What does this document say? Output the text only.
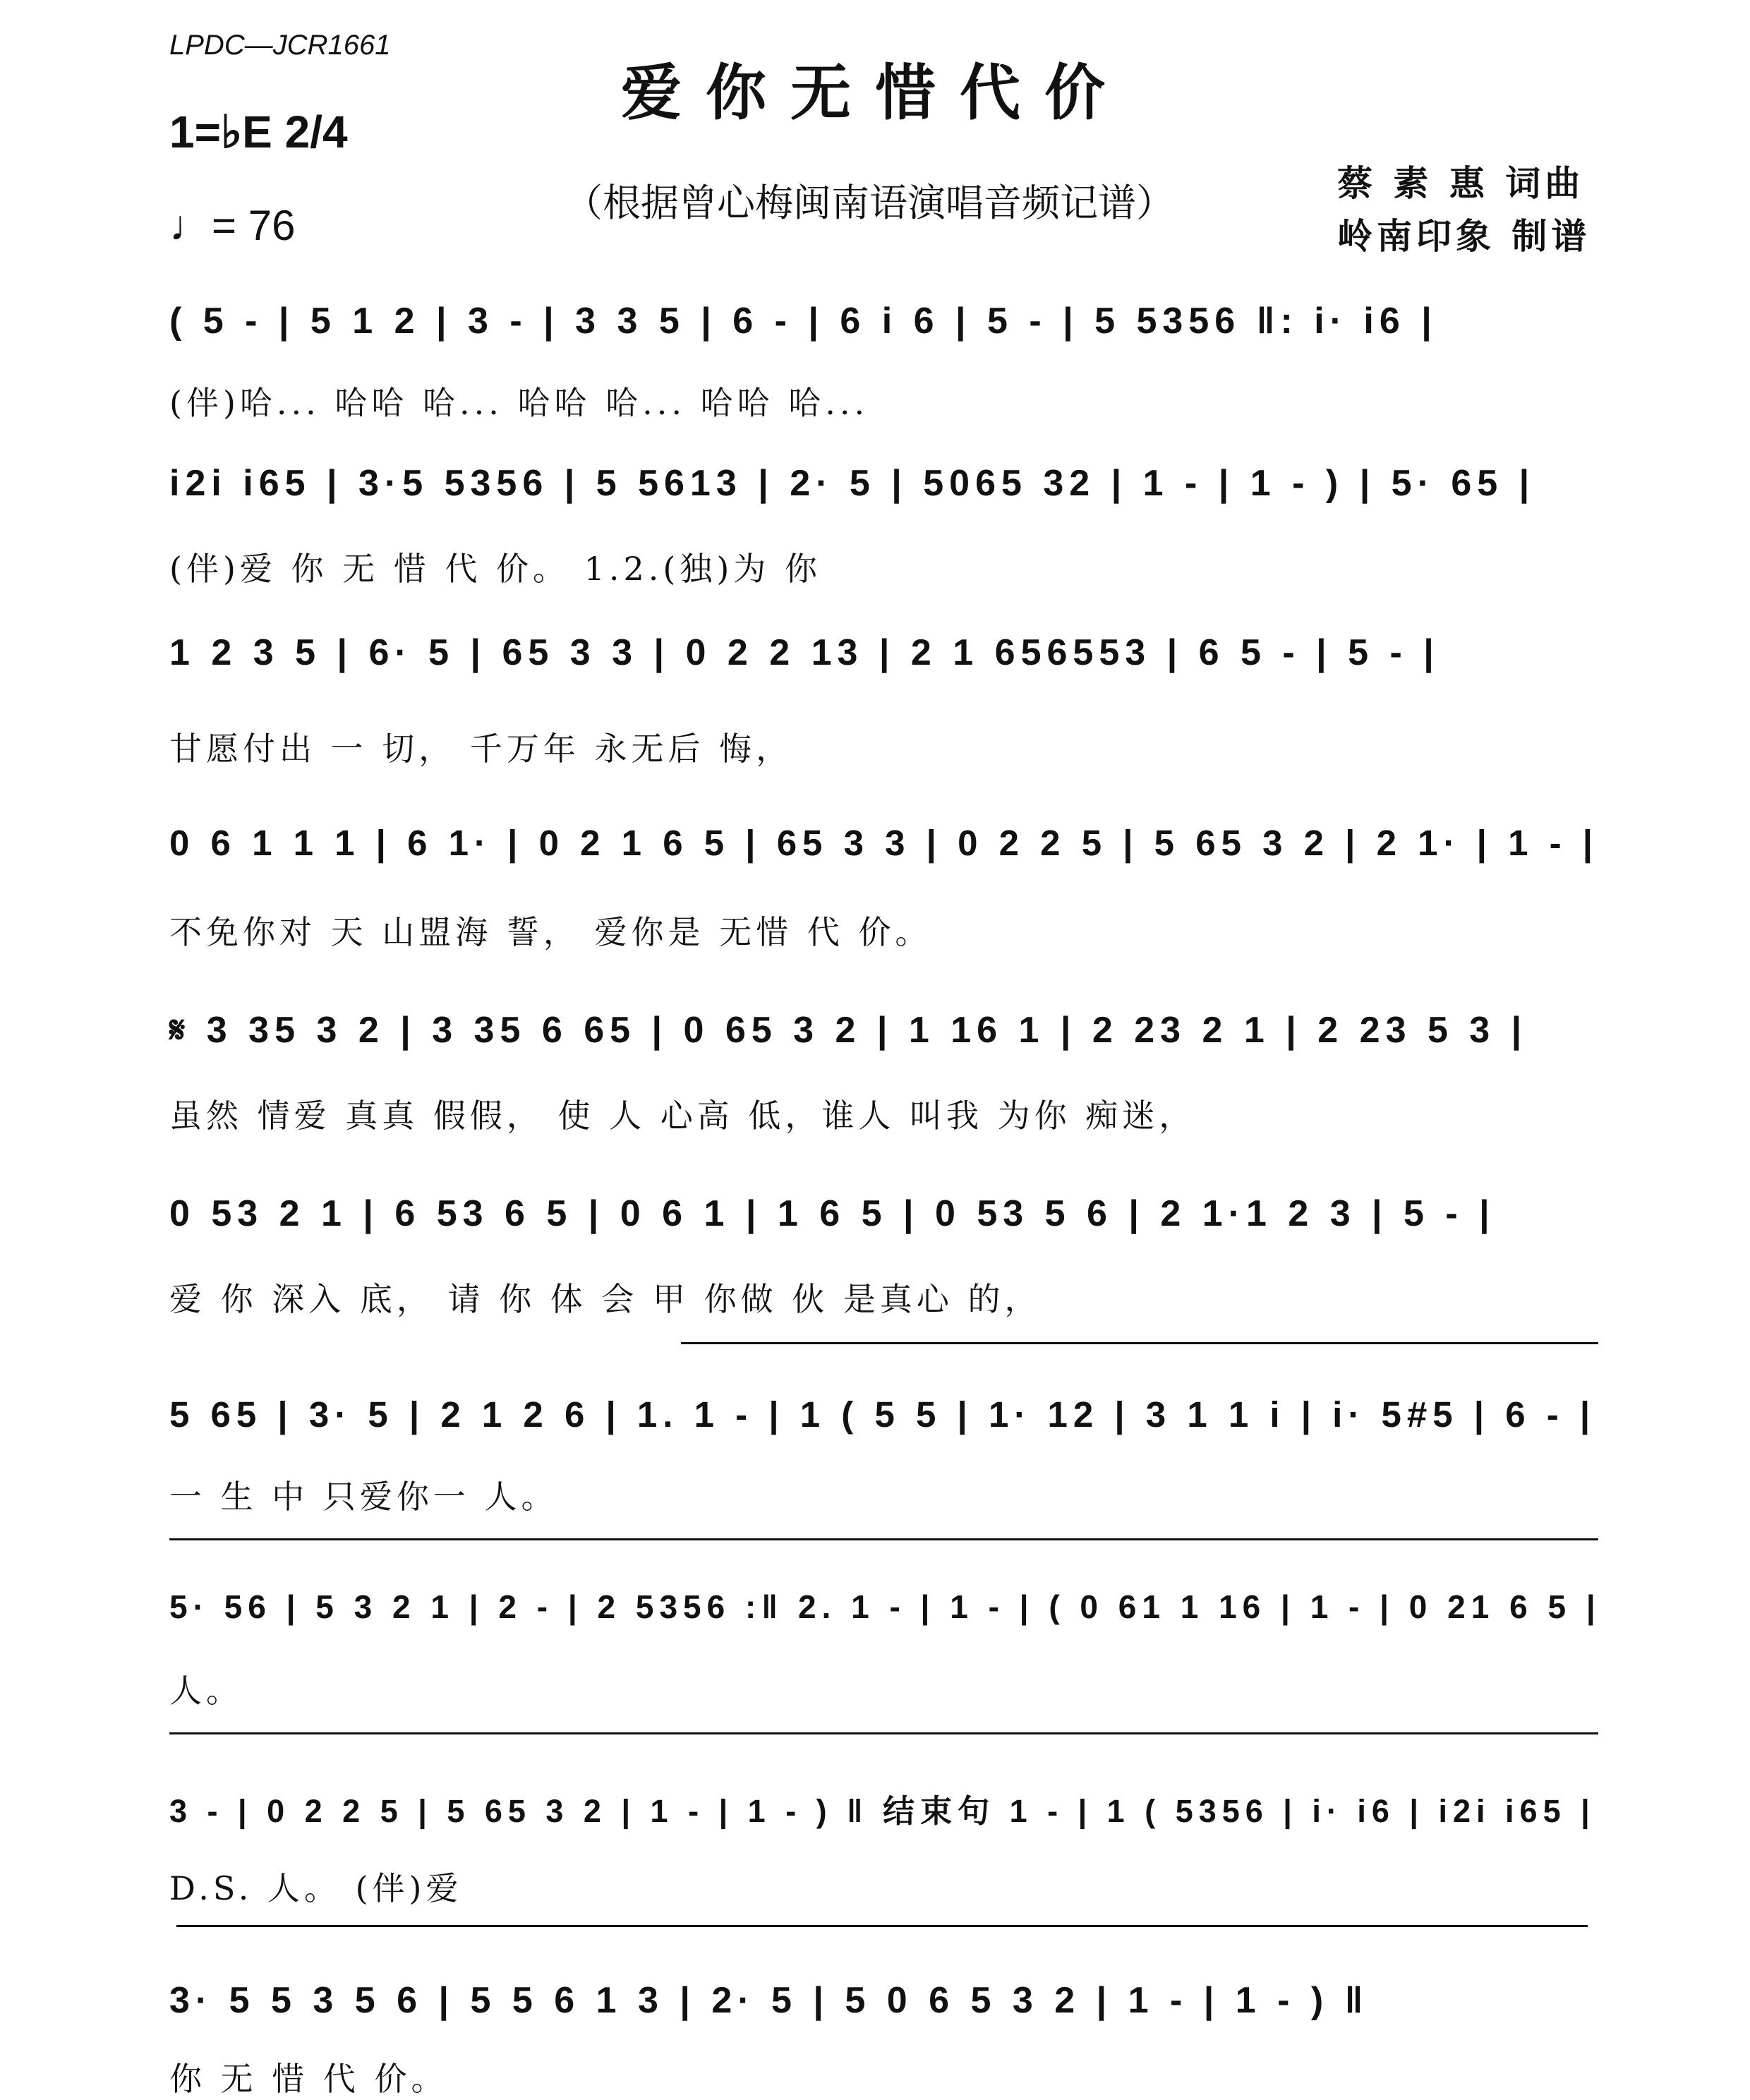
LPDC—JCR1661
爱你无惜代价
1=♭E 2/4
♩= 76	（根据曾心梅闽南语演唱音频记谱）	蔡 素 惠 词曲
岭南印象 制谱
( 5 - | 5 1 2 | 3 - | 3 3 5 | 6 - | 6 i 6 | 5 - | 5 5356 ‖: i· i6 |
(伴)哈... 哈哈 哈... 哈哈 哈... 哈哈 哈...
i2i i65 | 3·5 5356 | 5 5613 | 2· 5 | 5065 32 | 1 - | 1 - ) | 5· 65 |
(伴)爱 你 无 惜 代 价。 1.2.(独)为 你
1 2 3 5 | 6· 5 | 65 3 3 | 0 2 2 13 | 2 1 656553 | 6 5 - | 5 - |
甘愿付出 一 切， 千万年 永无后 悔，
0 6 1 1 1 | 6 1· | 0 2 1 6 5 | 65 3 3 | 0 2 2 5 | 5 65 3 2 | 2 1· | 1 - |
不免你对 天 山盟海 誓， 爱你是 无惜 代 价。
𝄋 3 35 3 2 | 3 35 6 65 | 0 65 3 2 | 1 16 1 | 2 23 2 1 | 2 23 5 3 |
虽然 情爱 真真 假假， 使 人 心高 低，谁人 叫我 为你 痴迷，
0 53 2 1 | 6 53 6 5 | 0 6 1 | 1 6 5 | 0 53 5 6 | 2 1·1 2 3 | 5 - |
爱 你 深入 底， 请 你 体 会 甲 你做 伙 是真心 的，
5 65 | 3· 5 | 2 1 2 6 | 1. 1 - | 1 ( 5 5 | 1· 12 | 3 1 1 i | i· 5#5 | 6 - |
一 生 中 只爱你一 人。
5· 56 | 5 3 2 1 | 2 - | 2 5356 :‖ 2. 1 - | 1 - | ( 0 61 1 16 | 1 - | 0 21 6 5 |
人。
3 - | 0 2 2 5 | 5 65 3 2 | 1 - | 1 - ) ‖ 结束句 1 - | 1 ( 5356 | i· i6 | i2i i65 |
D.S. 人。 (伴)爱
3· 5 5 3 5 6 | 5 5 6 1 3 | 2· 5 | 5 0 6 5 3 2 | 1 - | 1 - ) ‖
你 无 惜 代 价。
